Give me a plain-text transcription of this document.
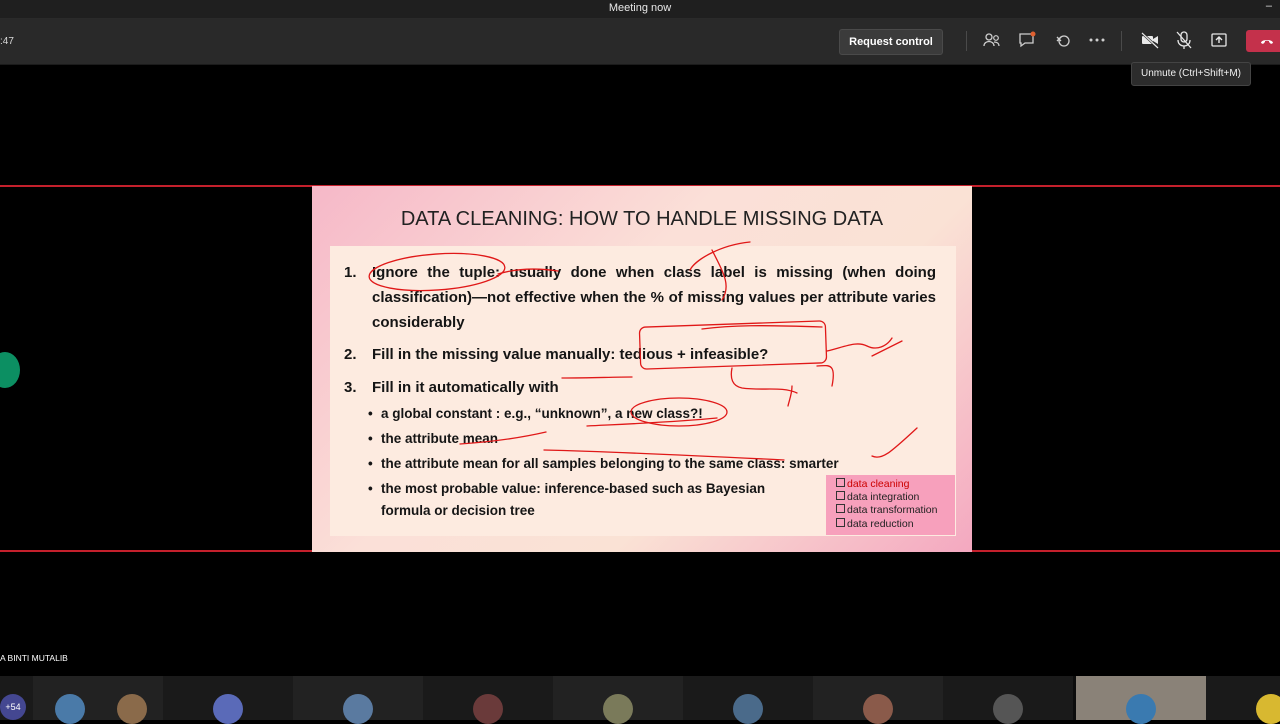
Meeting now	–
:47	Request control
Unmute (Ctrl+Shift+M)
DATA CLEANING: HOW TO HANDLE MISSING DATA
1. Ignore the tuple: usually done when class label is missing (when doing classification)—not effective when the % of missing values per attribute varies considerably
2. Fill in the missing value manually: tedious + infeasible?
3. Fill in it automatically with
• a global constant : e.g., “unknown”, a new class?!
• the attribute mean
• the attribute mean for all samples belonging to the same class: smarter
• the most probable value: inference-based such as Bayesian formula or decision tree
data cleaning
data integration
data transformation
data reduction
A BINTI MUTALIB
+54
